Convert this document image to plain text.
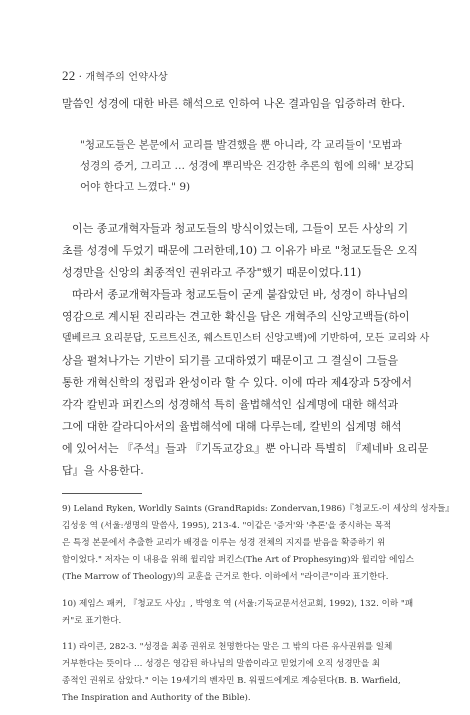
22 · 개혁주의 언약사상
말씀인 성경에 대한 바른 해석으로 인하여 나온 결과임을 입증하려 한다.
"청교도들은 본문에서 교리를 발견했을 뿐 아니라, 각 교리들이 '모범과
성경의 증거, 그리고 … 성경에 뿌리박은 건강한 추론의 힘에 의해' 보강되
어야 한다고 느꼈다." 9)
이는 종교개혁자들과 청교도들의 방식이었는데, 그들이 모든 사상의 기
초를 성경에 두었기 때문에 그러한데,10) 그 이유가 바로 "청교도들은 오직
성경만을 신앙의 최종적인 권위라고 주장"했기 때문이었다.11)
따라서 종교개혁자들과 청교도들이 굳게 붙잡았던 바, 성경이 하나님의
영감으로 계시된 진리라는 견고한 확신을 담은 개혁주의 신앙고백들(하이
델베르크 요리문답, 도르트신조, 웨스트민스터 신앙고백)에 기반하여, 모든 교리와 사
상을 펼쳐나가는 기반이 되기를 고대하였기 때문이고 그 결실이 그들을
통한 개혁신학의 정립과 완성이라 할 수 있다. 이에 따라 제4장과 5장에서
각각 칼빈과 퍼킨스의 성경해석 특히 율법해석인 십계명에 대한 해석과
그에 대한 갈라디아서의 율법해석에 대해 다루는데, 칼빈의 십계명 해석
에 있어서는 『주석』들과 『기독교강요』뿐 아니라 특별히 『제네바 요리문
답』을 사용한다.
9) Leland Ryken, Worldly Saints (GrandRapids: Zondervan,1986)『청교도-이 세상의 성자들』
김성웅 역 (서울:생명의 말씀사, 1995), 213-4. "이같은 '증거'와 '추론'을 중시하는 목적
은 특정 본문에서 추출한 교리가 배경을 이루는 성경 전체의 지지를 받음을 확증하기 위
함이었다." 저자는 이 내용을 위해 윌리암 퍼킨스(The Art of Prophesying)와 윌리암 에임스
(The Marrow of Theology)의 교훈을 근거로 한다. 이하에서 "라이큰"이라 표기한다.
10) 제임스 패커, 『청교도 사상』, 박영호 역 (서울:기독교문서선교회, 1992), 132. 이하 "패
커"로 표기한다.
11) 라이큰, 282-3. "성경을 최종 권위로 천명한다는 말은 그 밖의 다른 유사권위를 일체
거부한다는 뜻이다 … 성경은 영감된 하나님의 말씀이라고 믿었기에 오직 성경만을 최
종적인 권위로 삼았다." 이는 19세기의 벤자민 B. 워필드에게로 계승된다(B. B. Warfield,
The Inspiration and Authority of the Bible).
